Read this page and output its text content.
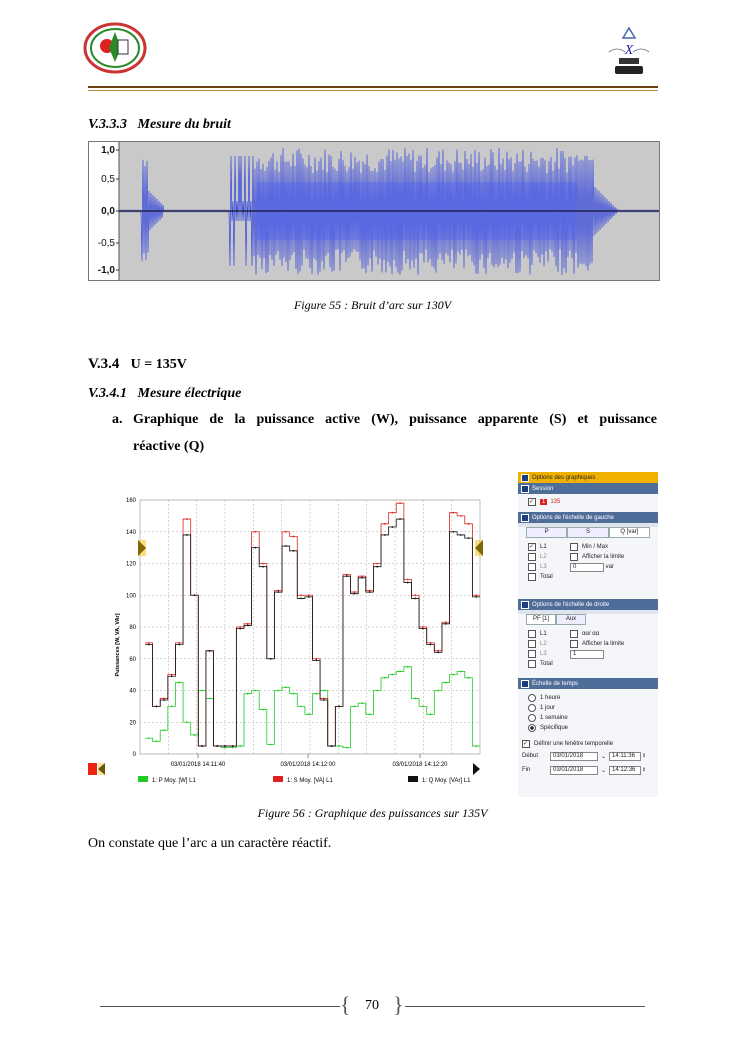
X
V.3.3.3 Mesure du bruit
1,0
0,5
0,0
-0,5
-1,0
Figure 55 : Bruit d’arc sur 130V
V.3.4 U = 135V
V.3.4.1 Mesure électrique
a. Graphique de la puissance active (W), puissance apparente (S) et puissance
réactive (Q)
0
20
40
60
80
100
120
140
160
03/01/2018 14:11:40	03/01/2018 14:12:00	03/01/2018 14:12:20
1: P Moy. [W] L1	1: S Moy. [VA] L1	1: Q Moy. [VAr] L1
Puissances [W, VA, VAr]
Options des graphiques
Session
✓	1 135
Options de l'échelle de gauche
P	S	Q [var]
✓ L1
L2
L3
Total
Min / Max
Afficher la limite
0
	var
Options de l'échelle de droite
PF [1]	Aux
L1
L2
L3
Total
αα/ αα
Afficher la limite
1
Échelle de temps
1 heure
1 jour
1 semaine
Spécifique
✓ Définir une fenêtre temporelle
Début	03/01/2018	⌄	14:11:36	⇕
Fin	03/01/2018	⌄	14:12:36	⇕
Figure 56 : Graphique des puissances sur 135V
On constate que l’arc a un caractère réactif.
{ }
70
